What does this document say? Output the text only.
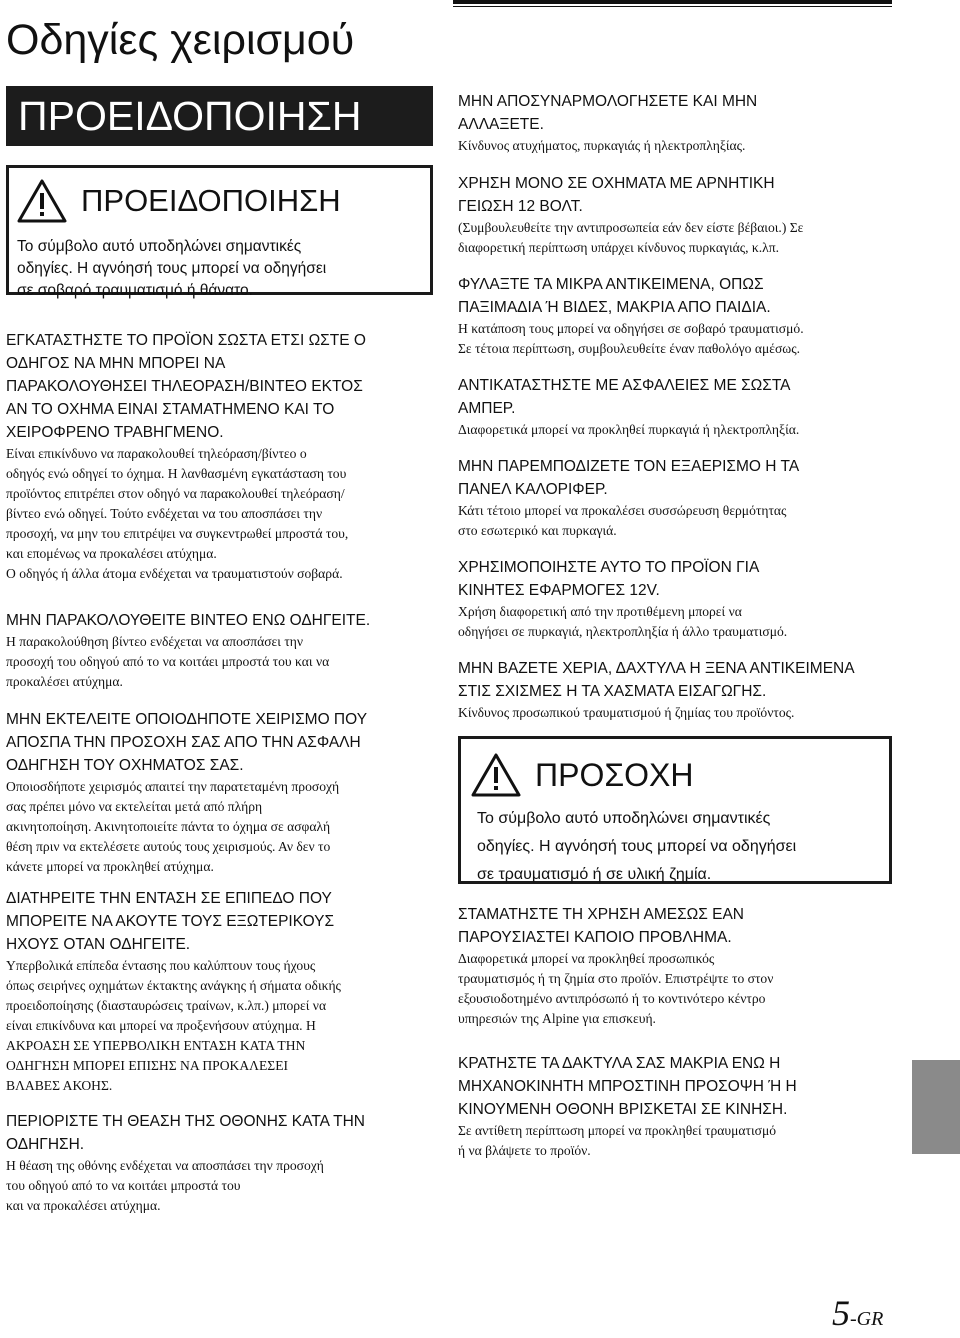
Οδηγίες χειρισμού
ΠΡΟΕΙΔΟΠΟΙΗΣΗ
ΠΡΟΕΙΔΟΠΟΙΗΣΗ
Το σύμβολο αυτό υποδηλώνει σημαντικές
οδηγίες. Η αγνόησή τους μπορεί να οδηγήσει
σε σοβαρό τραυματισμό ή θάνατο.
ΕΓΚΑΤΑΣΤΗΣΤΕ ΤΟ ΠΡΟΪΟΝ ΣΩΣΤΑ ΕΤΣΙ ΩΣΤΕ Ο
ΟΔΗΓΟΣ ΝΑ ΜΗΝ ΜΠΟΡΕΙ ΝΑ
ΠΑΡΑΚΟΛΟΥΘΗΣΕΙ ΤΗΛΕΟΡΑΣΗ/ΒΙΝΤΕΟ ΕΚΤΟΣ
ΑΝ ΤΟ ΟΧΗΜΑ ΕΙΝΑΙ ΣΤΑΜΑΤΗΜΕΝΟ ΚΑΙ ΤΟ
ΧΕΙΡΟΦΡΕΝΟ ΤΡΑΒΗΓΜΕΝΟ.
Είναι επικίνδυνο να παρακολουθεί τηλεόραση/βίντεο ο
οδηγός ενώ οδηγεί το όχημα. Η λανθασμένη εγκατάσταση του
προϊόντος επιτρέπει στον οδηγό να παρακολουθεί τηλεόραση/
βίντεο ενώ οδηγεί. Τούτο ενδέχεται να του αποσπάσει την
προσοχή, να μην του επιτρέψει να συγκεντρωθεί μπροστά του,
και επομένως να προκαλέσει ατύχημα.
Ο οδηγός ή άλλα άτομα ενδέχεται να τραυματιστούν σοβαρά.
ΜΗΝ ΠΑΡΑΚΟΛΟΥΘΕΙΤΕ ΒΙΝΤΕΟ ΕΝΩ ΟΔΗΓΕΙΤΕ.
Η παρακολούθηση βίντεο ενδέχεται να αποσπάσει την
προσοχή του οδηγού από το να κοιτάει μπροστά του και να
προκαλέσει ατύχημα.
ΜΗΝ ΕΚΤΕΛΕΙΤΕ ΟΠΟΙΟΔΗΠΟΤΕ ΧΕΙΡΙΣΜΟ ΠΟΥ
ΑΠΟΣΠΑ ΤΗΝ ΠΡΟΣΟΧΗ ΣΑΣ ΑΠΟ ΤΗΝ ΑΣΦΑΛΗ
ΟΔΗΓΗΣΗ ΤΟΥ ΟΧΗΜΑΤΟΣ ΣΑΣ.
Οποιοσδήποτε χειρισμός απαιτεί την παρατεταμένη προσοχή
σας πρέπει μόνο να εκτελείται μετά από πλήρη
ακινητοποίηση. Ακινητοποιείτε πάντα το όχημα σε ασφαλή
θέση πριν να εκτελέσετε αυτούς τους χειρισμούς. Αν δεν το
κάνετε μπορεί να προκληθεί ατύχημα.
ΔΙΑΤΗΡΕΙΤΕ ΤΗΝ ΕΝΤΑΣΗ ΣΕ ΕΠΙΠΕΔΟ ΠΟΥ
ΜΠΟΡΕΙΤΕ ΝΑ ΑΚΟΥΤΕ ΤΟΥΣ ΕΞΩΤΕΡΙΚΟΥΣ
ΗΧΟΥΣ ΟΤΑΝ ΟΔΗΓΕΙΤΕ.
Υπερβολικά επίπεδα έντασης που καλύπτουν τους ήχους
όπως σειρήνες οχημάτων έκτακτης ανάγκης ή σήματα οδικής
προειδοποίησης (διασταυρώσεις τραίνων, κ.λπ.) μπορεί να
είναι επικίνδυνα και μπορεί να προξενήσουν ατύχημα. Η
ΑΚΡΟΑΣΗ ΣΕ ΥΠΕΡΒΟΛΙΚΗ ΕΝΤΑΣΗ ΚΑΤΑ ΤΗΝ
ΟΔΗΓΗΣΗ ΜΠΟΡΕΙ ΕΠΙΣΗΣ ΝΑ ΠΡΟΚΑΛΕΣΕΙ
ΒΛΑΒΕΣ ΑΚΟΗΣ.
ΠΕΡΙΟΡΙΣΤΕ ΤΗ ΘΕΑΣΗ ΤΗΣ ΟΘΟΝΗΣ ΚΑΤΑ ΤΗΝ
ΟΔΗΓΗΣΗ.
Η θέαση της οθόνης ενδέχεται να αποσπάσει την προσοχή
του οδηγού από το να κοιτάει μπροστά του
και να προκαλέσει ατύχημα.
ΜΗΝ ΑΠΟΣΥΝΑΡΜΟΛΟΓΗΣΕΤΕ ΚΑΙ ΜΗΝ
ΑΛΛΑΞΕΤΕ.
Κίνδυνος ατυχήματος, πυρκαγιάς ή ηλεκτροπληξίας.
ΧΡΗΣΗ ΜΟΝΟ ΣΕ ΟΧΗΜΑΤΑ ΜΕ ΑΡΝΗΤΙΚΗ
ΓΕΙΩΣΗ 12 ΒΟΛΤ.
(Συμβουλευθείτε την αντιπροσωπεία εάν δεν είστε βέβαιοι.) Σε
διαφορετική περίπτωση υπάρχει κίνδυνος πυρκαγιάς, κ.λπ.
ΦΥΛΑΞΤΕ ΤΑ ΜΙΚΡΑ ΑΝΤΙΚΕΙΜΕΝΑ, ΟΠΩΣ
ΠΑΞΙΜΑΔΙΑ Ή ΒΙΔΕΣ, ΜΑΚΡΙΑ ΑΠΟ ΠΑΙΔΙΑ.
Η κατάποση τους μπορεί να οδηγήσει σε σοβαρό τραυματισμό.
Σε τέτοια περίπτωση, συμβουλευθείτε έναν παθολόγο αμέσως.
ΑΝΤΙΚΑΤΑΣΤΗΣΤΕ ΜΕ ΑΣΦΑΛΕΙΕΣ ΜΕ ΣΩΣΤΑ
ΑΜΠΕΡ.
Διαφορετικά μπορεί να προκληθεί πυρκαγιά ή ηλεκτροπληξία.
ΜΗΝ ΠΑΡΕΜΠΟΔΙΖΕΤΕ ΤΟΝ ΕΞΑΕΡΙΣΜΟ Η ΤΑ
ΠΑΝΕΛ ΚΑΛΟΡΙΦΕΡ.
Κάτι τέτοιο μπορεί να προκαλέσει συσσώρευση θερμότητας
στο εσωτερικό και πυρκαγιά.
ΧΡΗΣΙΜΟΠΟΙΗΣΤΕ ΑΥΤΟ ΤΟ ΠΡΟΪΟΝ ΓΙΑ
ΚΙΝΗΤΕΣ ΕΦΑΡΜΟΓΕΣ 12V.
Χρήση διαφορετική από την προτιθέμενη μπορεί να
οδηγήσει σε πυρκαγιά, ηλεκτροπληξία ή άλλο τραυματισμό.
ΜΗΝ ΒΑΖΕΤΕ ΧΕΡΙΑ, ΔΑΧΤΥΛΑ Η ΞΕΝΑ ΑΝΤΙΚΕΙΜΕΝΑ
ΣΤΙΣ ΣΧΙΣΜΕΣ Η ΤΑ ΧΑΣΜΑΤΑ ΕΙΣΑΓΩΓΗΣ.
Κίνδυνος προσωπικού τραυματισμού ή ζημίας του προϊόντος.
ΠΡΟΣΟΧΗ
Το σύμβολο αυτό υποδηλώνει σημαντικές
οδηγίες. Η αγνόησή τους μπορεί να οδηγήσει
σε τραυματισμό ή σε υλική ζημία.
ΣΤΑΜΑΤΗΣΤΕ ΤΗ ΧΡΗΣΗ ΑΜΕΣΩΣ ΕΑΝ
ΠΑΡΟΥΣΙΑΣΤΕΙ ΚΑΠΟΙΟ ΠΡΟΒΛΗΜΑ.
Διαφορετικά μπορεί να προκληθεί προσωπικός
τραυματισμός ή τη ζημία στο προϊόν. Επιστρέψτε το στον
εξουσιοδοτημένο αντιπρόσωπό ή το κοντινότερο κέντρο
υπηρεσιών της Alpine για επισκευή.
ΚΡΑΤΗΣΤΕ ΤΑ ΔΑΚΤΥΛΑ ΣΑΣ ΜΑΚΡΙΑ ΕΝΩ Η
ΜΗΧΑΝΟΚΙΝΗΤΗ ΜΠΡΟΣΤΙΝΗ ΠΡΟΣΟΨΗ Ή Η
ΚΙΝΟΥΜΕΝΗ ΟΘΟΝΗ ΒΡΙΣΚΕΤΑΙ ΣΕ ΚΙΝΗΣΗ.
Σε αντίθετη περίπτωση μπορεί να προκληθεί τραυματισμό
ή να βλάψετε το προϊόν.
5-GR
